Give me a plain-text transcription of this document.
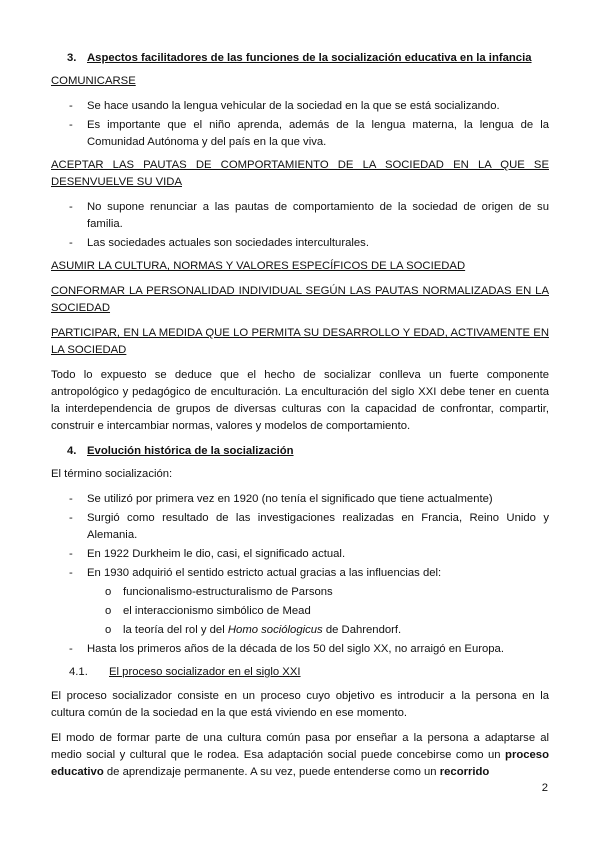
3. Aspectos facilitadores de las funciones de la socialización educativa en la infancia

COMUNICARSE

- Se hace usando la lengua vehicular de la sociedad en la que se está socializando.
- Es importante que el niño aprenda, además de la lengua materna, la lengua de la Comunidad Autónoma y del país en la que viva.

ACEPTAR LAS PAUTAS DE COMPORTAMIENTO DE LA SOCIEDAD EN LA QUE SE DESENVUELVE SU VIDA

- No supone renunciar a las pautas de comportamiento de la sociedad de origen de su familia.
- Las sociedades actuales son sociedades interculturales.

ASUMIR LA CULTURA, NORMAS Y VALORES ESPECÍFICOS DE LA SOCIEDAD

CONFORMAR LA PERSONALIDAD INDIVIDUAL SEGÚN LAS PAUTAS NORMALIZADAS EN LA SOCIEDAD

PARTICIPAR, EN LA MEDIDA QUE LO PERMITA SU DESARROLLO Y EDAD, ACTIVAMENTE EN LA SOCIEDAD

Todo lo expuesto se deduce que el hecho de socializar conlleva un fuerte componente antropológico y pedagógico de enculturación. La enculturación del siglo XXI debe tener en cuenta la interdependencia de grupos de diversas culturas con la capacidad de confrontar, compartir, construir e intercambiar normas, valores y modelos de comportamiento.

4. Evolución histórica de la socialización

El término socialización:

- Se utilizó por primera vez en 1920 (no tenía el significado que tiene actualmente)
- Surgió como resultado de las investigaciones realizadas en Francia, Reino Unido y Alemania.
- En 1922 Durkheim le dio, casi, el significado actual.
- En 1930 adquirió el sentido estricto actual gracias a las influencias del:
o funcionalismo-estructuralismo de Parsons
o el interaccionismo simbólico de Mead
o la teoría del rol y del Homo sociólogicus de Dahrendorf.
- Hasta los primeros años de la década de los 50 del siglo XX, no arraigó en Europa.
4.1.	El proceso socializador en el siglo XXI

El proceso socializador consiste en un proceso cuyo objetivo es introducir a la persona en la cultura común de la sociedad en la que está viviendo en ese momento.

El modo de formar parte de una cultura común pasa por enseñar a la persona a adaptarse al medio social y cultural que le rodea. Esa adaptación social puede concebirse como un proceso educativo de aprendizaje permanente. A su vez, puede entenderse como un recorrido

2
